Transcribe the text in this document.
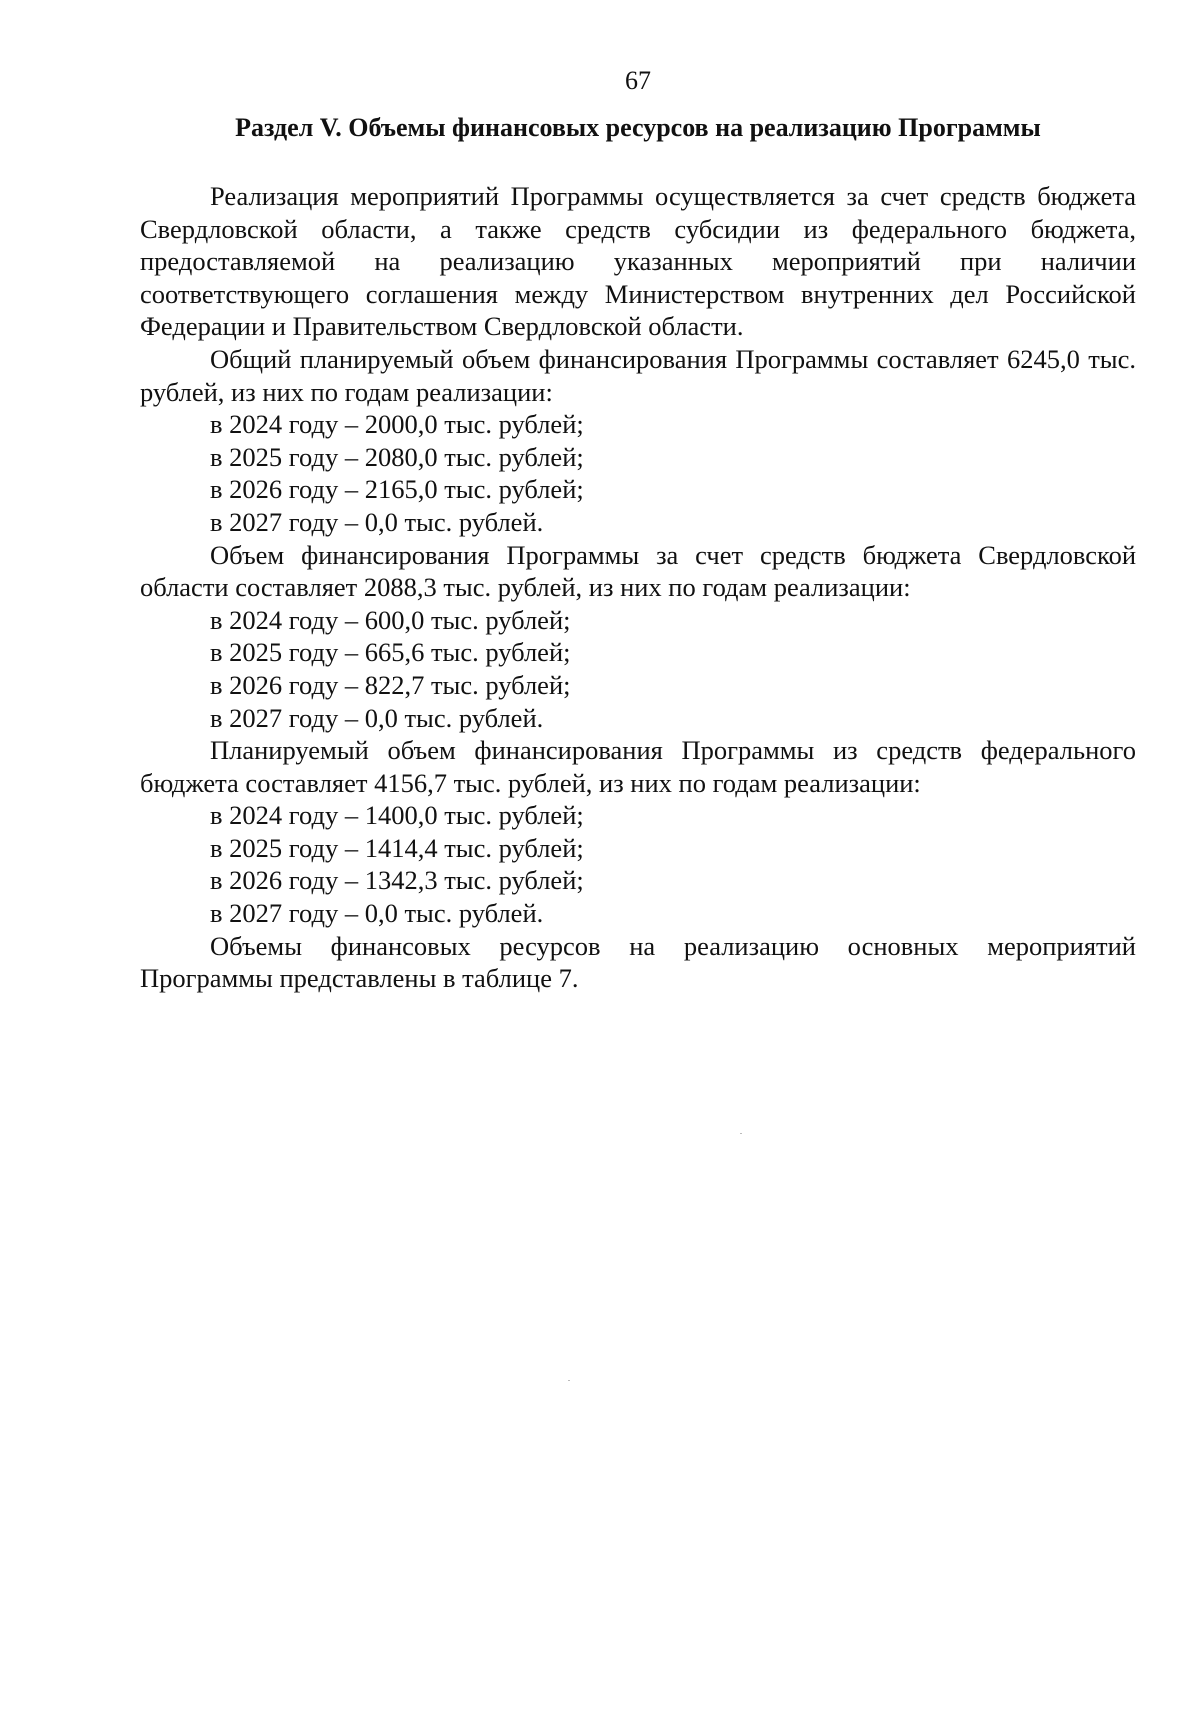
67
Раздел V. Объемы финансовых ресурсов на реализацию Программы

Реализация мероприятий Программы осуществляется за счет средств бюджета Свердловской области, а также средств субсидии из федерального бюджета, предоставляемой на реализацию указанных мероприятий при наличии соответствующего соглашения между Министерством внутренних дел Российской Федерации и Правительством Свердловской области.

Общий планируемый объем финансирования Программы составляет 6245,0 тыс. рублей, из них по годам реализации:

в 2024 году – 2000,0 тыс. рублей;

в 2025 году – 2080,0 тыс. рублей;

в 2026 году – 2165,0 тыс. рублей;

в 2027 году – 0,0 тыс. рублей.

Объем финансирования Программы за счет средств бюджета Свердловской области составляет 2088,3 тыс. рублей, из них по годам реализации:

в 2024 году – 600,0 тыс. рублей;

в 2025 году – 665,6 тыс. рублей;

в 2026 году – 822,7 тыс. рублей;

в 2027 году – 0,0 тыс. рублей.

Планируемый объем финансирования Программы из средств федерального бюджета составляет 4156,7 тыс. рублей, из них по годам реализации:

в 2024 году – 1400,0 тыс. рублей;

в 2025 году – 1414,4 тыс. рублей;

в 2026 году – 1342,3 тыс. рублей;

в 2027 году – 0,0 тыс. рублей.

Объемы финансовых ресурсов на реализацию основных мероприятий Программы представлены в таблице 7.
